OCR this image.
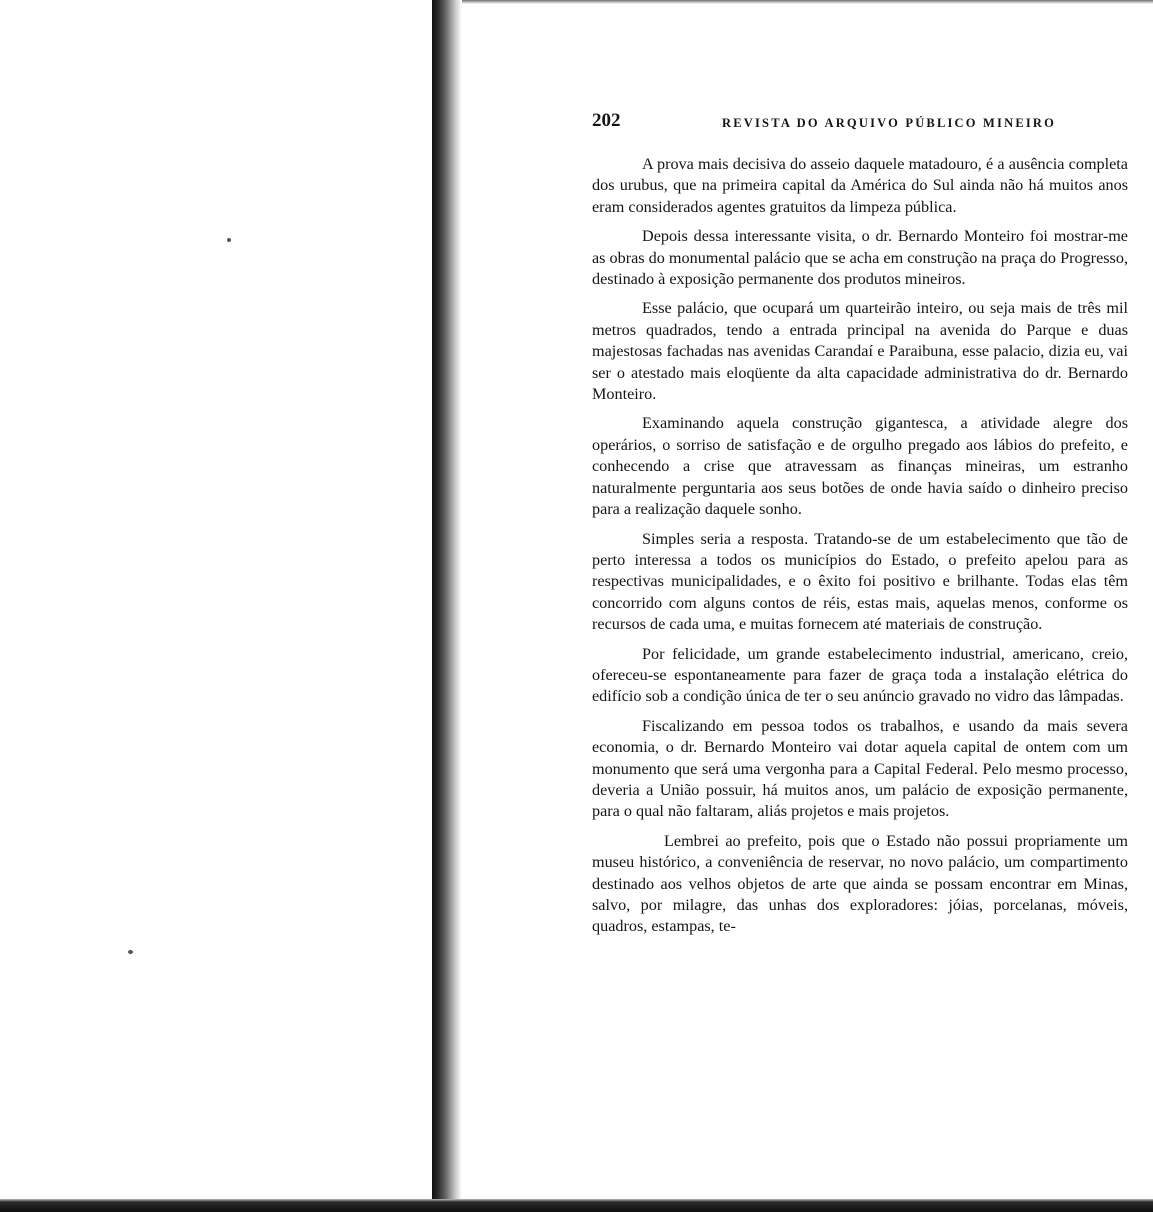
202	REVISTA DO ARQUIVO PÚBLICO MINEIRO

A prova mais decisiva do asseio daquele matadouro, é a ausência completa dos urubus, que na primeira capital da América do Sul ainda não há muitos anos eram considerados agentes gratuitos da limpeza pública.

Depois dessa interessante visita, o dr. Bernardo Monteiro foi mostrar-me as obras do monumental palácio que se acha em construção na praça do Progresso, destinado à exposição permanente dos produtos mineiros.

Esse palácio, que ocupará um quarteirão inteiro, ou seja mais de três mil metros quadrados, tendo a entrada principal na avenida do Parque e duas majestosas fachadas nas avenidas Carandaí e Paraibuna, esse palacio, dizia eu, vai ser o atestado mais eloqüente da alta capacidade administrativa do dr. Bernardo Monteiro.

Examinando aquela construção gigantesca, a atividade alegre dos operários, o sorriso de satisfação e de orgulho pregado aos lábios do prefeito, e conhecendo a crise que atravessam as finanças mineiras, um estranho naturalmente perguntaria aos seus botões de onde havia saído o dinheiro preciso para a realização daquele sonho.

Simples seria a resposta. Tratando-se de um estabelecimento que tão de perto interessa a todos os municípios do Estado, o prefeito apelou para as respectivas municipalidades, e o êxito foi positivo e brilhante. Todas elas têm concorrido com alguns contos de réis, estas mais, aquelas menos, conforme os recursos de cada uma, e muitas fornecem até materiais de construção.

Por felicidade, um grande estabelecimento industrial, americano, creio, ofereceu-se espontaneamente para fazer de graça toda a instalação elétrica do edifício sob a condição única de ter o seu anúncio gravado no vidro das lâmpadas.

Fiscalizando em pessoa todos os trabalhos, e usando da mais severa economia, o dr. Bernardo Monteiro vai dotar aquela capital de ontem com um monumento que será uma vergonha para a Capital Federal. Pelo mesmo processo, deveria a União possuir, há muitos anos, um palácio de exposição permanente, para o qual não faltaram, aliás projetos e mais projetos.

Lembrei ao prefeito, pois que o Estado não possui propriamente um museu histórico, a conveniência de reservar, no novo palácio, um compartimento destinado aos velhos objetos de arte que ainda se possam encontrar em Minas, salvo, por milagre, das unhas dos exploradores: jóias, porcelanas, móveis, quadros, estampas, te-
